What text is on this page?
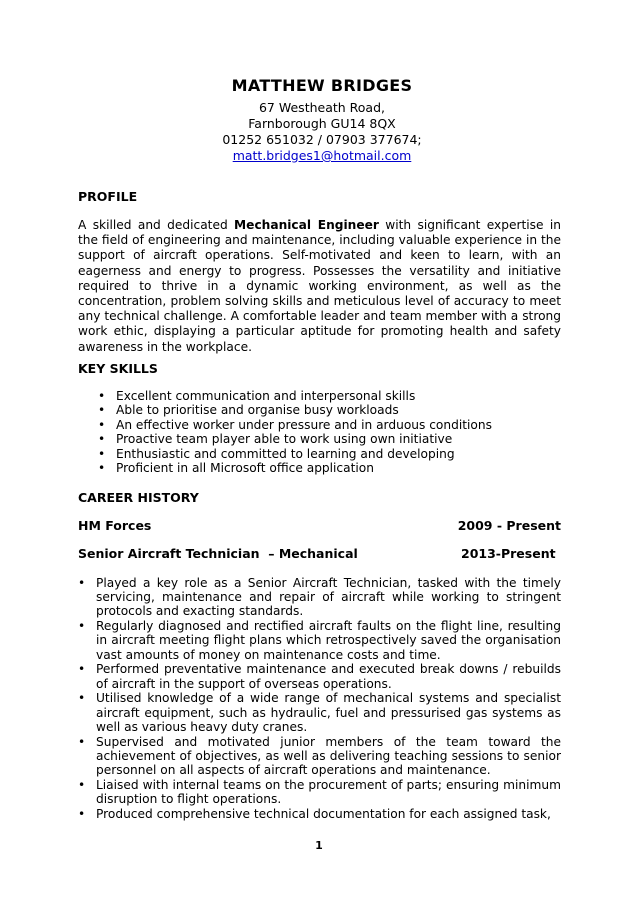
MATTHEW BRIDGES
67 Westheath Road,
Farnborough GU14 8QX
01252 651032 / 07903 377674;
matt.bridges1@hotmail.com
PROFILE
A skilled and dedicated Mechanical Engineer with significant expertise in the field of engineering and maintenance, including valuable experience in the support of aircraft operations. Self-motivated and keen to learn, with an eagerness and energy to progress. Possesses the versatility and initiative required to thrive in a dynamic working environment, as well as the concentration, problem solving skills and meticulous level of accuracy to meet any technical challenge. A comfortable leader and team member with a strong work ethic, displaying a particular aptitude for promoting health and safety awareness in the workplace.
KEY SKILLS
• Excellent communication and interpersonal skills
• Able to prioritise and organise busy workloads
• An effective worker under pressure and in arduous conditions
• Proactive team player able to work using own initiative
• Enthusiastic and committed to learning and developing
• Proficient in all Microsoft office application
CAREER HISTORY
HM Forces	2009 - Present
Senior Aircraft Technician  – Mechanical	2013-Present
• Played a key role as a Senior Aircraft Technician, tasked with the timely servicing, maintenance and repair of aircraft while working to stringent protocols and exacting standards.
• Regularly diagnosed and rectified aircraft faults on the flight line, resulting in aircraft meeting flight plans which retrospectively saved the organisation vast amounts of money on maintenance costs and time.
• Performed preventative maintenance and executed break downs / rebuilds of aircraft in the support of overseas operations.
• Utilised knowledge of a wide range of mechanical systems and specialist aircraft equipment, such as hydraulic, fuel and pressurised gas systems as well as various heavy duty cranes.
• Supervised and motivated junior members of the team toward the achievement of objectives, as well as delivering teaching sessions to senior personnel on all aspects of aircraft operations and maintenance.
• Liaised with internal teams on the procurement of parts; ensuring minimum disruption to flight operations.
• Produced comprehensive technical documentation for each assigned task,
1
